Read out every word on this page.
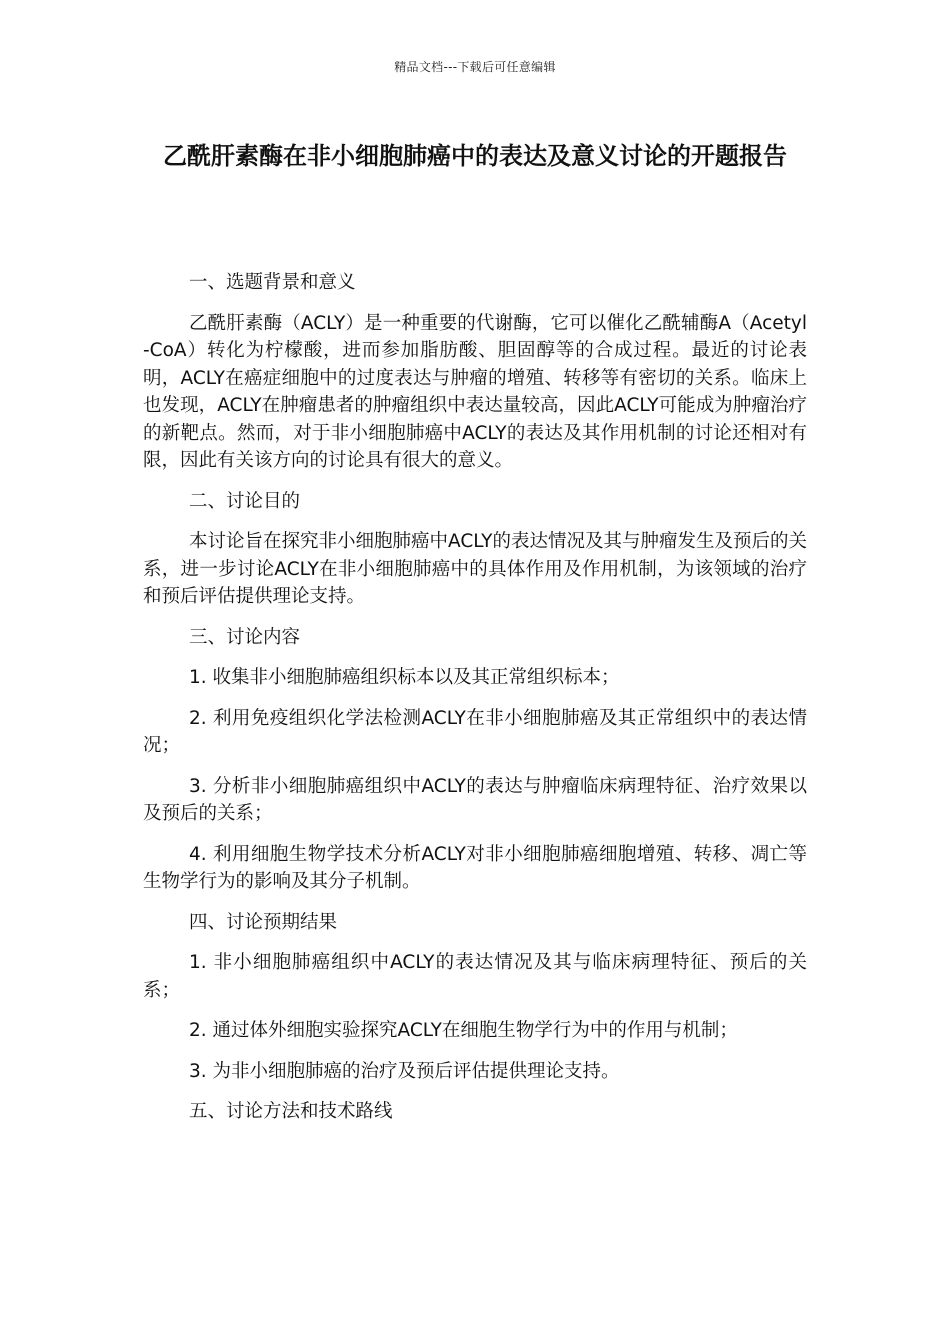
精品文档---下载后可任意编辑
乙酰肝素酶在非小细胞肺癌中的表达及意义讨论的开题报告

一、选题背景和意义

乙酰肝素酶（ACLY）是一种重要的代谢酶，它可以催化乙酰辅酶A（Acetyl-CoA）转化为柠檬酸，进而参加脂肪酸、胆固醇等的合成过程。最近的讨论表明，ACLY在癌症细胞中的过度表达与肿瘤的增殖、转移等有密切的关系。临床上也发现，ACLY在肿瘤患者的肿瘤组织中表达量较高，因此ACLY可能成为肿瘤治疗的新靶点。然而，对于非小细胞肺癌中ACLY的表达及其作用机制的讨论还相对有限，因此有关该方向的讨论具有很大的意义。

二、讨论目的

本讨论旨在探究非小细胞肺癌中ACLY的表达情况及其与肿瘤发生及预后的关系，进一步讨论ACLY在非小细胞肺癌中的具体作用及作用机制，为该领域的治疗和预后评估提供理论支持。

三、讨论内容

1. 收集非小细胞肺癌组织标本以及其正常组织标本；

2. 利用免疫组织化学法检测ACLY在非小细胞肺癌及其正常组织中的表达情况；

3. 分析非小细胞肺癌组织中ACLY的表达与肿瘤临床病理特征、治疗效果以及预后的关系；

4. 利用细胞生物学技术分析ACLY对非小细胞肺癌细胞增殖、转移、凋亡等生物学行为的影响及其分子机制。

四、讨论预期结果

1. 非小细胞肺癌组织中ACLY的表达情况及其与临床病理特征、预后的关系；

2. 通过体外细胞实验探究ACLY在细胞生物学行为中的作用与机制；

3. 为非小细胞肺癌的治疗及预后评估提供理论支持。

五、讨论方法和技术路线
